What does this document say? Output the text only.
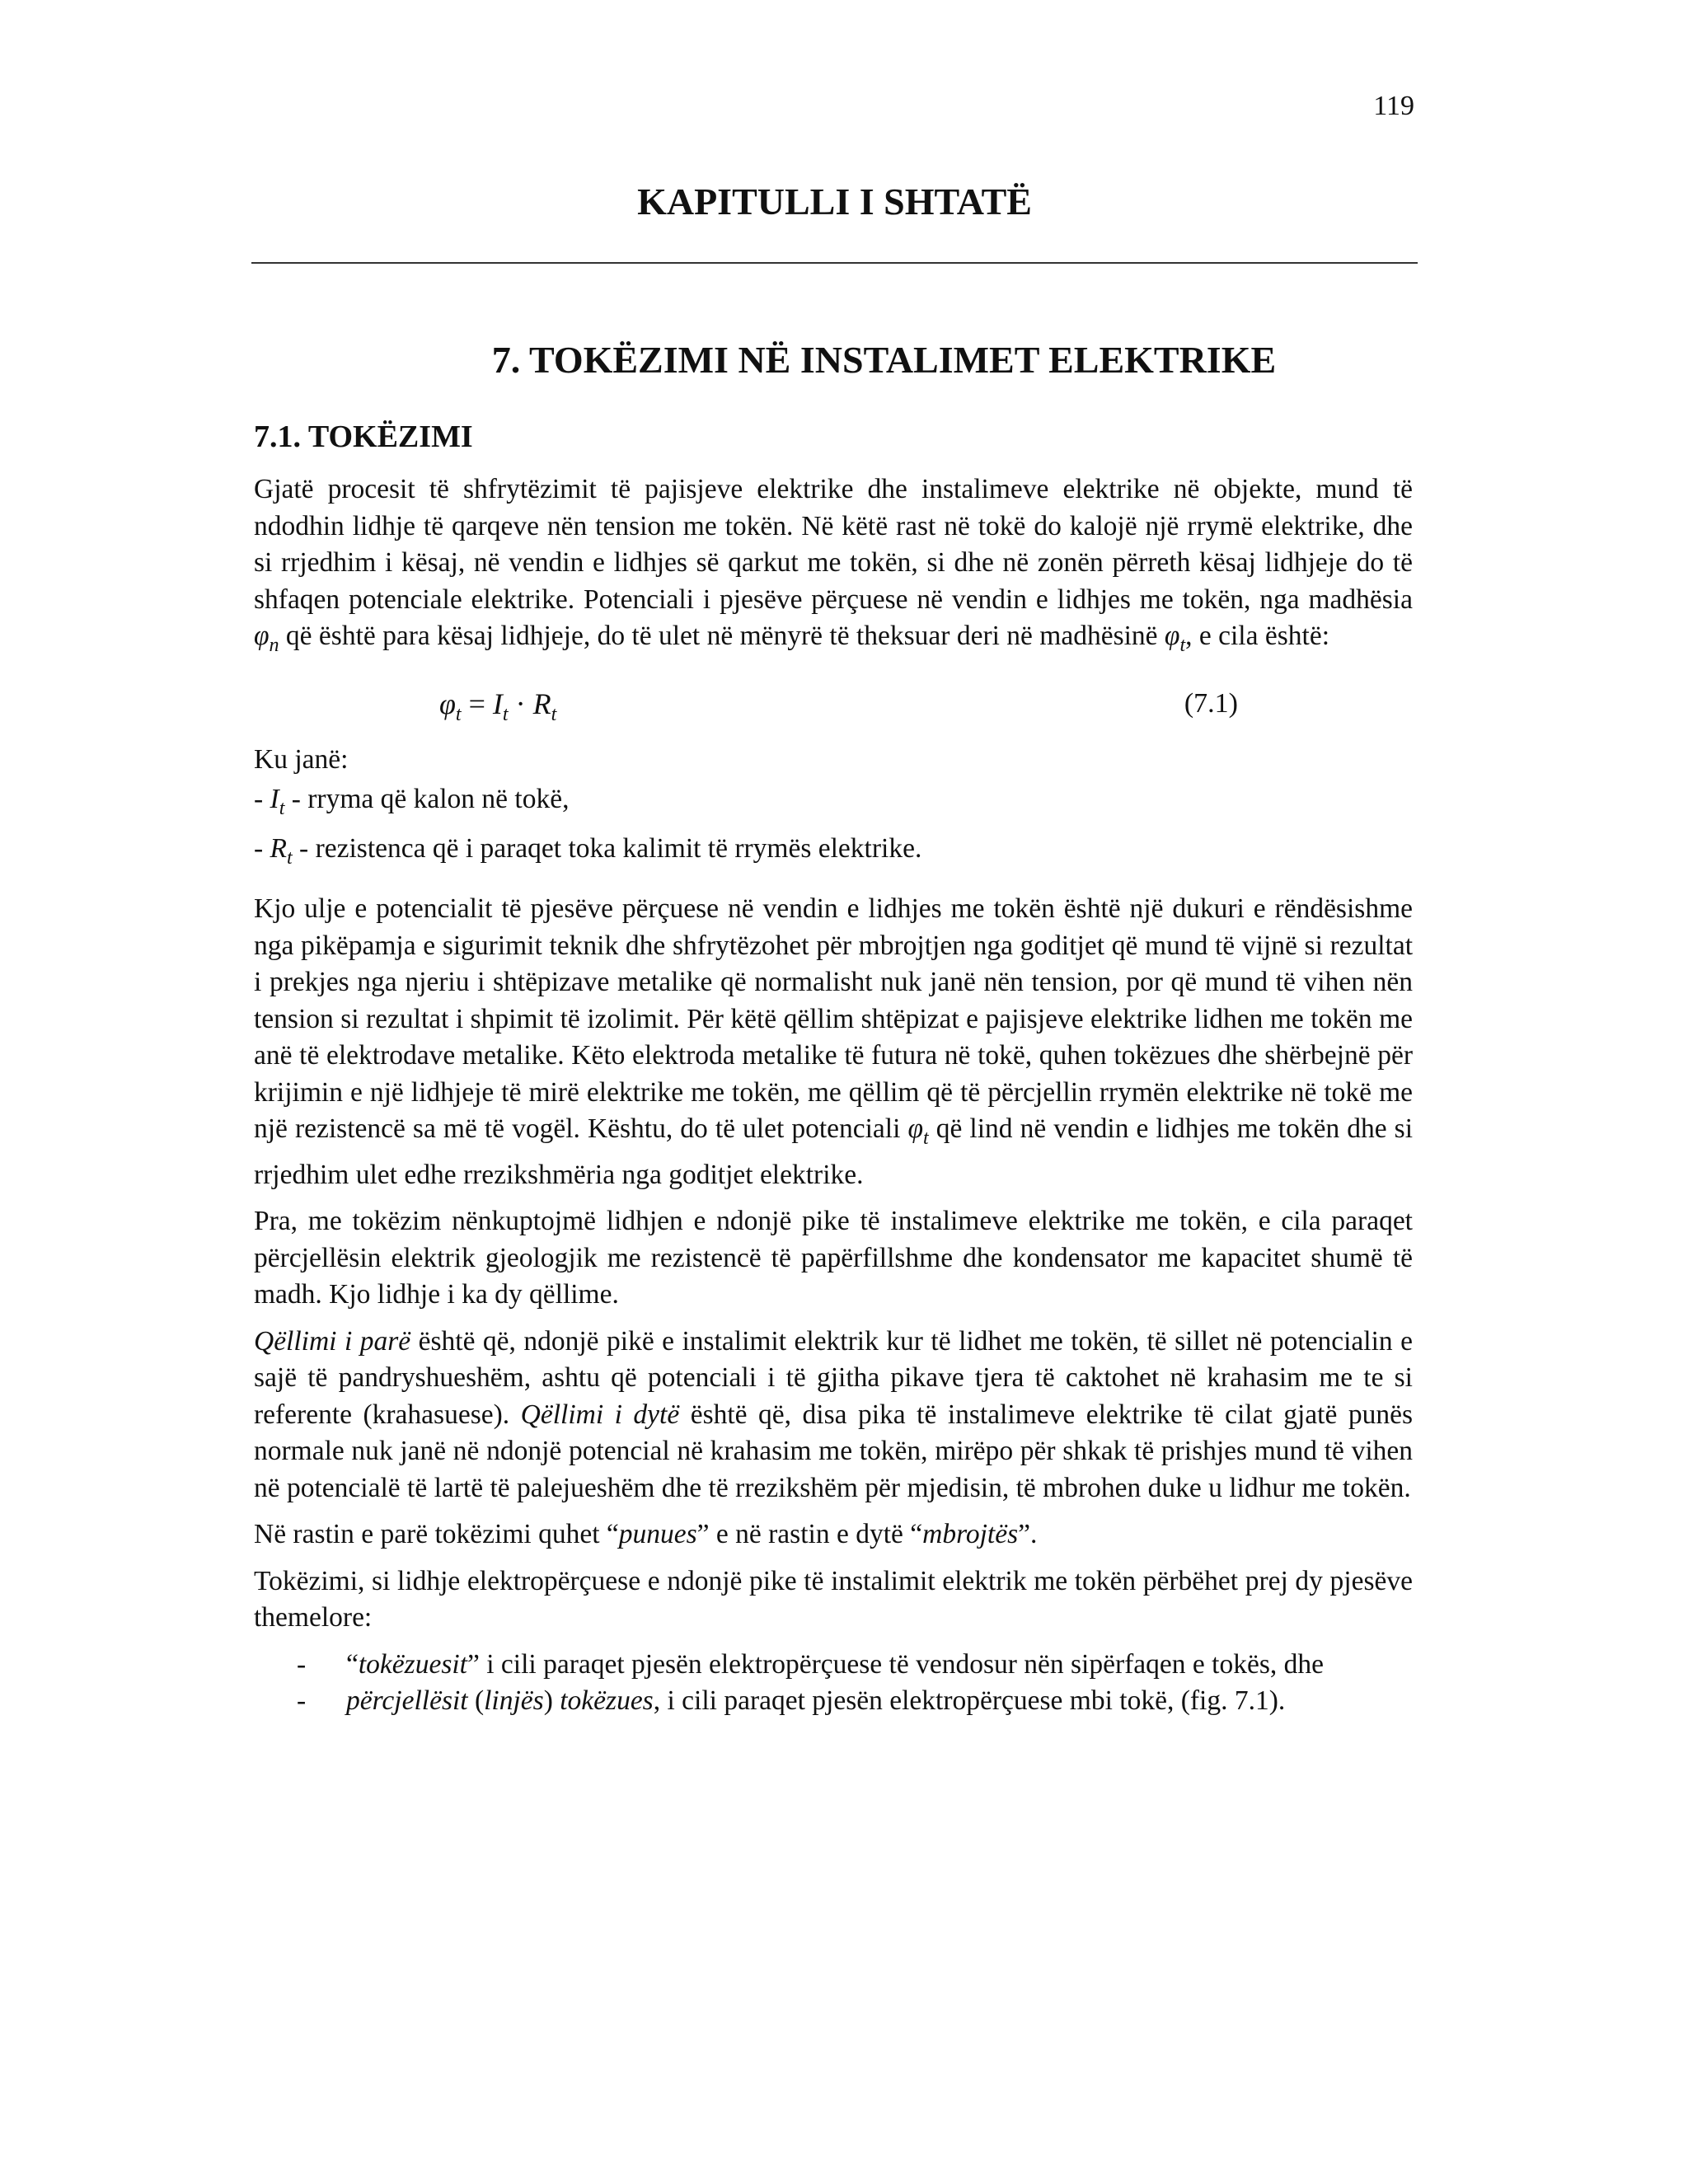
119
KAPITULLI I SHTATË
7. TOKËZIMI NË INSTALIMET ELEKTRIKE
7.1. TOKËZIMI

Gjatë procesit të shfrytëzimit të pajisjeve elektrike dhe instalimeve elektrike në objekte, mund të ndodhin lidhje të qarqeve nën tension me tokën. Në këtë rast në tokë do kalojë një rrymë elektrike, dhe si rrjedhim i kësaj, në vendin e lidhjes së qarkut me tokën, si dhe në zonën përreth kësaj lidhjeje do të shfaqen potenciale elektrike. Potenciali i pjesëve përçuese në vendin e lidhjes me tokën, nga madhësia $\varphi_n$ që është para kësaj lidhjeje, do të ulet në mënyrë të theksuar deri në madhësinë $\varphi_t$, e cila është:

$\varphi_t = I_t \cdot R_t$	(7.1)

Ku janë:

- $I_t$ - rryma që kalon në tokë,

- $R_t$ - rezistenca që i paraqet toka kalimit të rrymës elektrike.

Kjo ulje e potencialit të pjesëve përçuese në vendin e lidhjes me tokën është një dukuri e rëndësishme nga pikëpamja e sigurimit teknik dhe shfrytëzohet për mbrojtjen nga goditjet që mund të vijnë si rezultat i prekjes nga njeriu i shtëpizave metalike që normalisht nuk janë nën tension, por që mund të vihen nën tension si rezultat i shpimit të izolimit. Për këtë qëllim shtëpizat e pajisjeve elektrike lidhen me tokën me anë të elektrodave metalike. Këto elektroda metalike të futura në tokë, quhen tokëzues dhe shërbejnë për krijimin e një lidhjeje të mirë elektrike me tokën, me qëllim që të përcjellin rrymën elektrike në tokë me një rezistencë sa më të vogël. Kështu, do të ulet potenciali $\varphi_t$ që lind në vendin e lidhjes me tokën dhe si rrjedhim ulet edhe rrezikshmëria nga goditjet elektrike.

Pra, me tokëzim nënkuptojmë lidhjen e ndonjë pike të instalimeve elektrike me tokën, e cila paraqet përcjellësin elektrik gjeologjik me rezistencë të papërfillshme dhe kondensator me kapacitet shumë të madh. Kjo lidhje i ka dy qëllime.

Qëllimi i parë është që, ndonjë pikë e instalimit elektrik kur të lidhet me tokën, të sillet në potencialin e sajë të pandryshueshëm, ashtu që potenciali i të gjitha pikave tjera të caktohet në krahasim me te si referente (krahasuese). Qëllimi i dytë është që, disa pika të instalimeve elektrike të cilat gjatë punës normale nuk janë në ndonjë potencial në krahasim me tokën, mirëpo për shkak të prishjes mund të vihen në potencialë të lartë të palejueshëm dhe të rrezikshëm për mjedisin, të mbrohen duke u lidhur me tokën.

Në rastin e parë tokëzimi quhet “punues” e në rastin e dytë “mbrojtës”.

Tokëzimi, si lidhje elektropërçuese e ndonjë pike të instalimit elektrik me tokën përbëhet prej dy pjesëve themelore:

- “tokëzuesit” i cili paraqet pjesën elektropërçuese të vendosur nën sipërfaqen e tokës, dhe
- përcjellësit (linjës) tokëzues, i cili paraqet pjesën elektropërçuese mbi tokë, (fig. 7.1).
